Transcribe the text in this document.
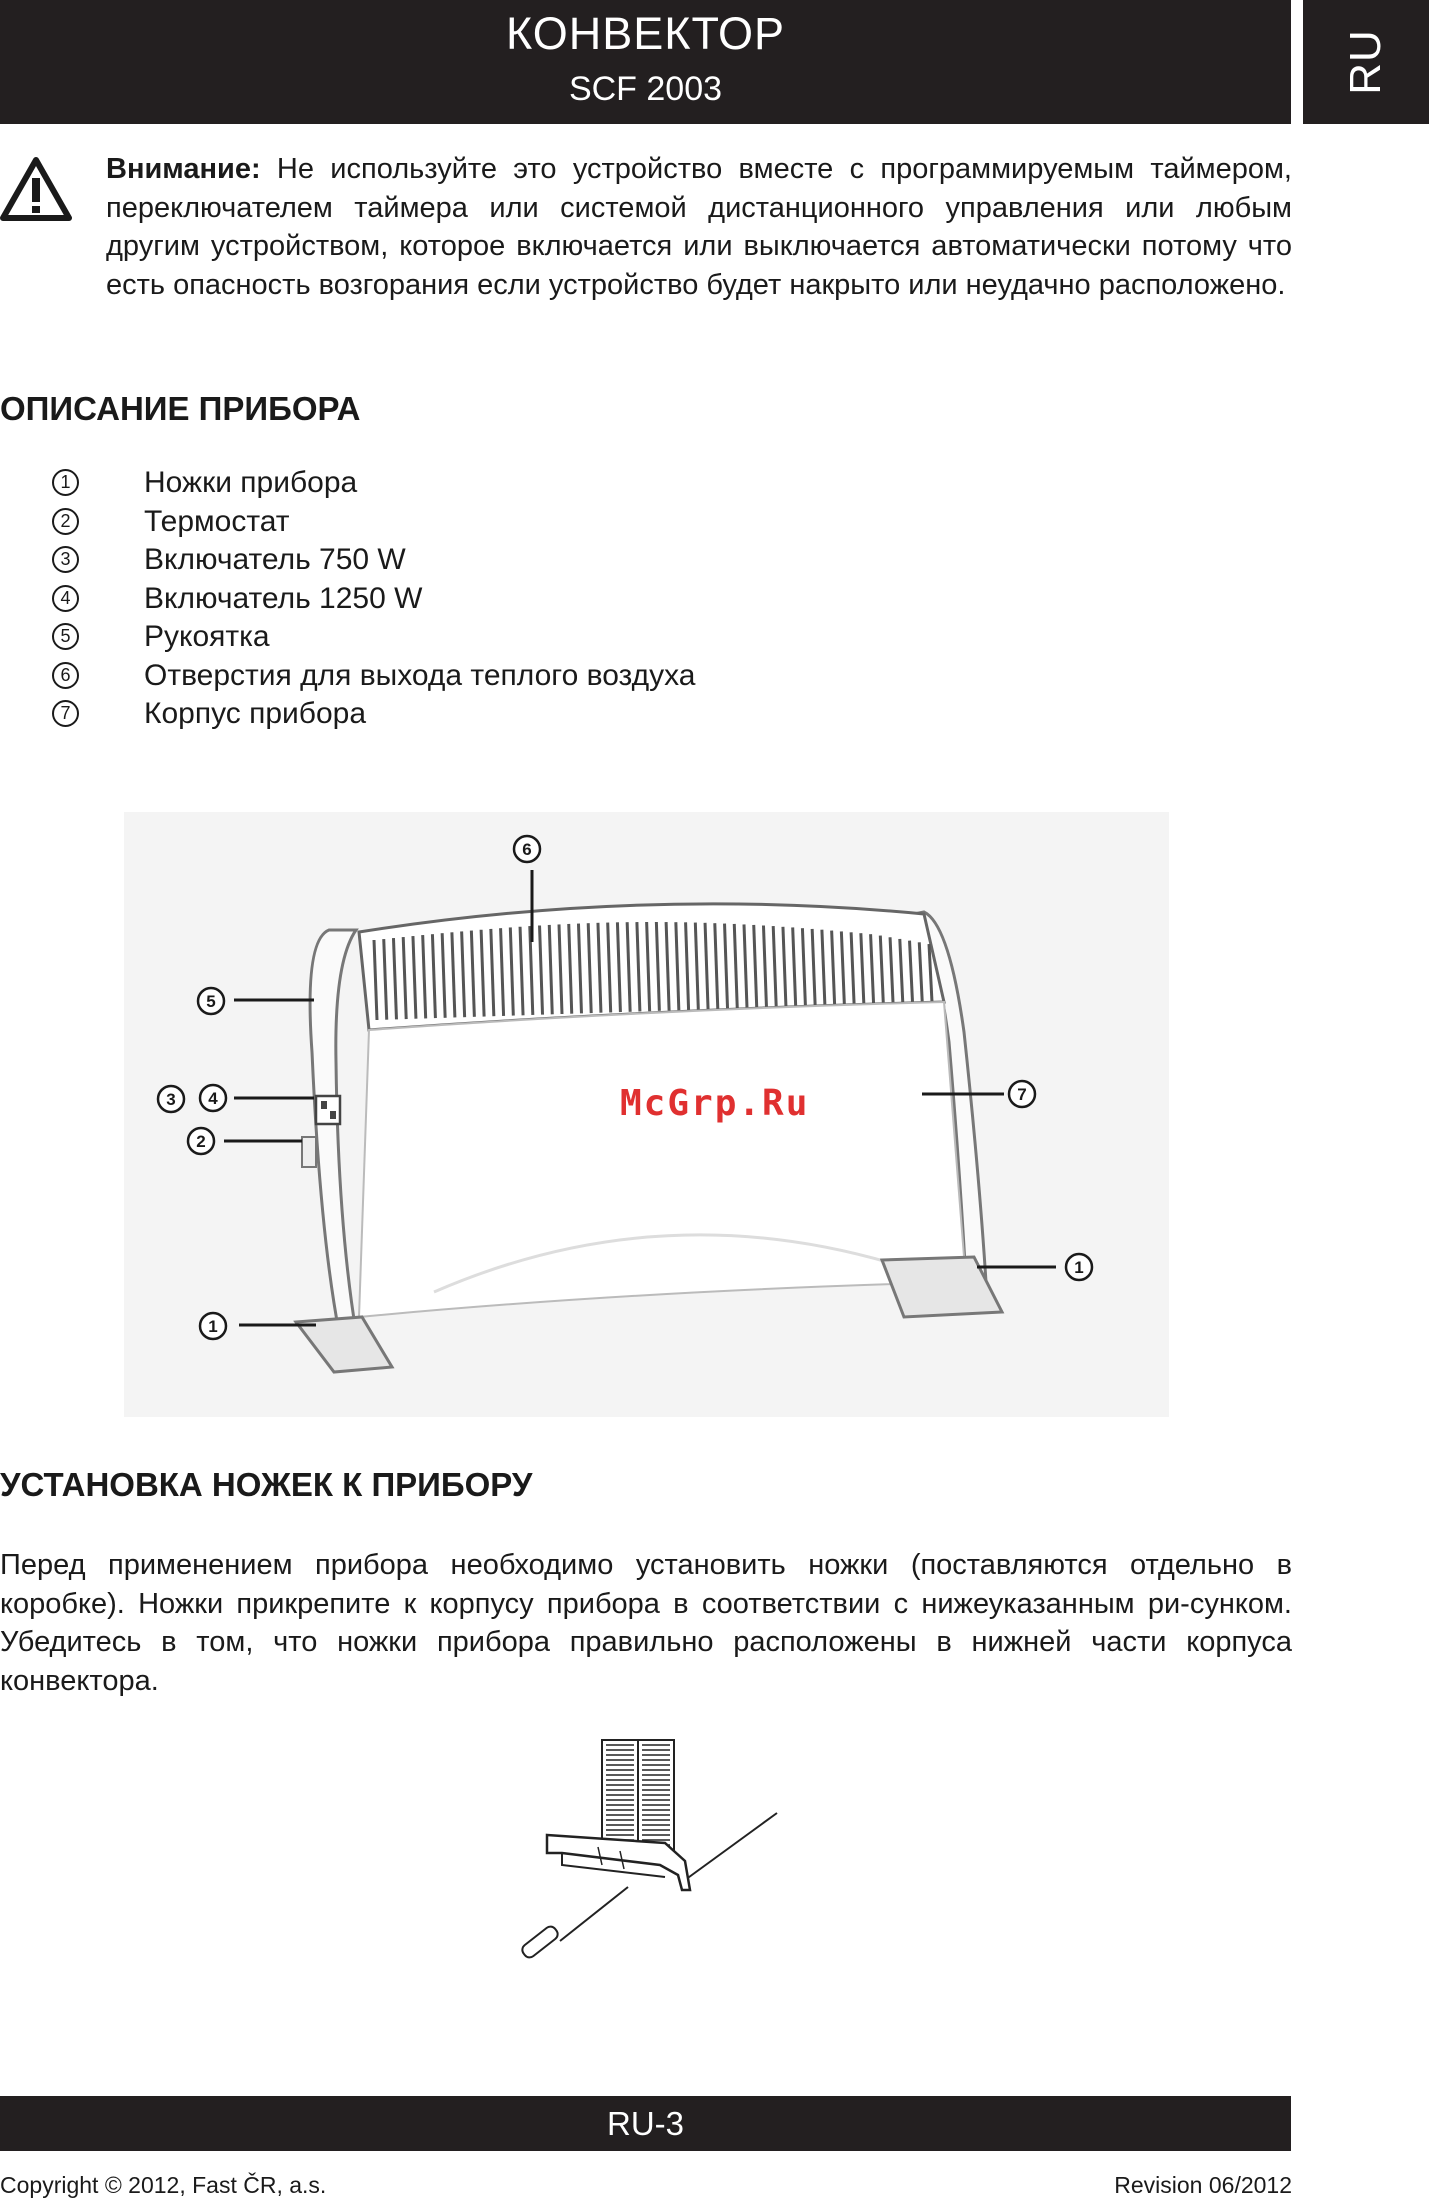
КОНВЕКТОР
SCF 2003	RU
Внимание: Не используйте это устройство вместе с программируемым таймером, переключателем таймера или системой дистанционного управления или любым другим устройством, которое включается или выключается автоматически потому что есть опасность возгорания если устройство будет накрыто или неудачно расположено.
ОПИСАНИЕ ПРИБОРА
1 Ножки прибора
2 Термостат
3 Включатель 750 W
4 Включатель 1250 W
5 Рукоятка
6 Отверстия для выхода теплого воздуха
7 Корпус прибора
6
5
3 4
2
7
1
1
McGrp.Ru
УСТАНОВКА НОЖЕК К ПРИБОРУ
Перед применением прибора необходимо установить ножки (поставляются отдельно в коробке). Ножки прикрепите к корпусу прибора в соответствии с нижеуказанным ри-сунком. Убедитесь в том, что ножки прибора правильно расположены в нижней части корпуса конвектора.
RU-3
Copyright © 2012, Fast ČR, a.s.	Revision 06/2012
